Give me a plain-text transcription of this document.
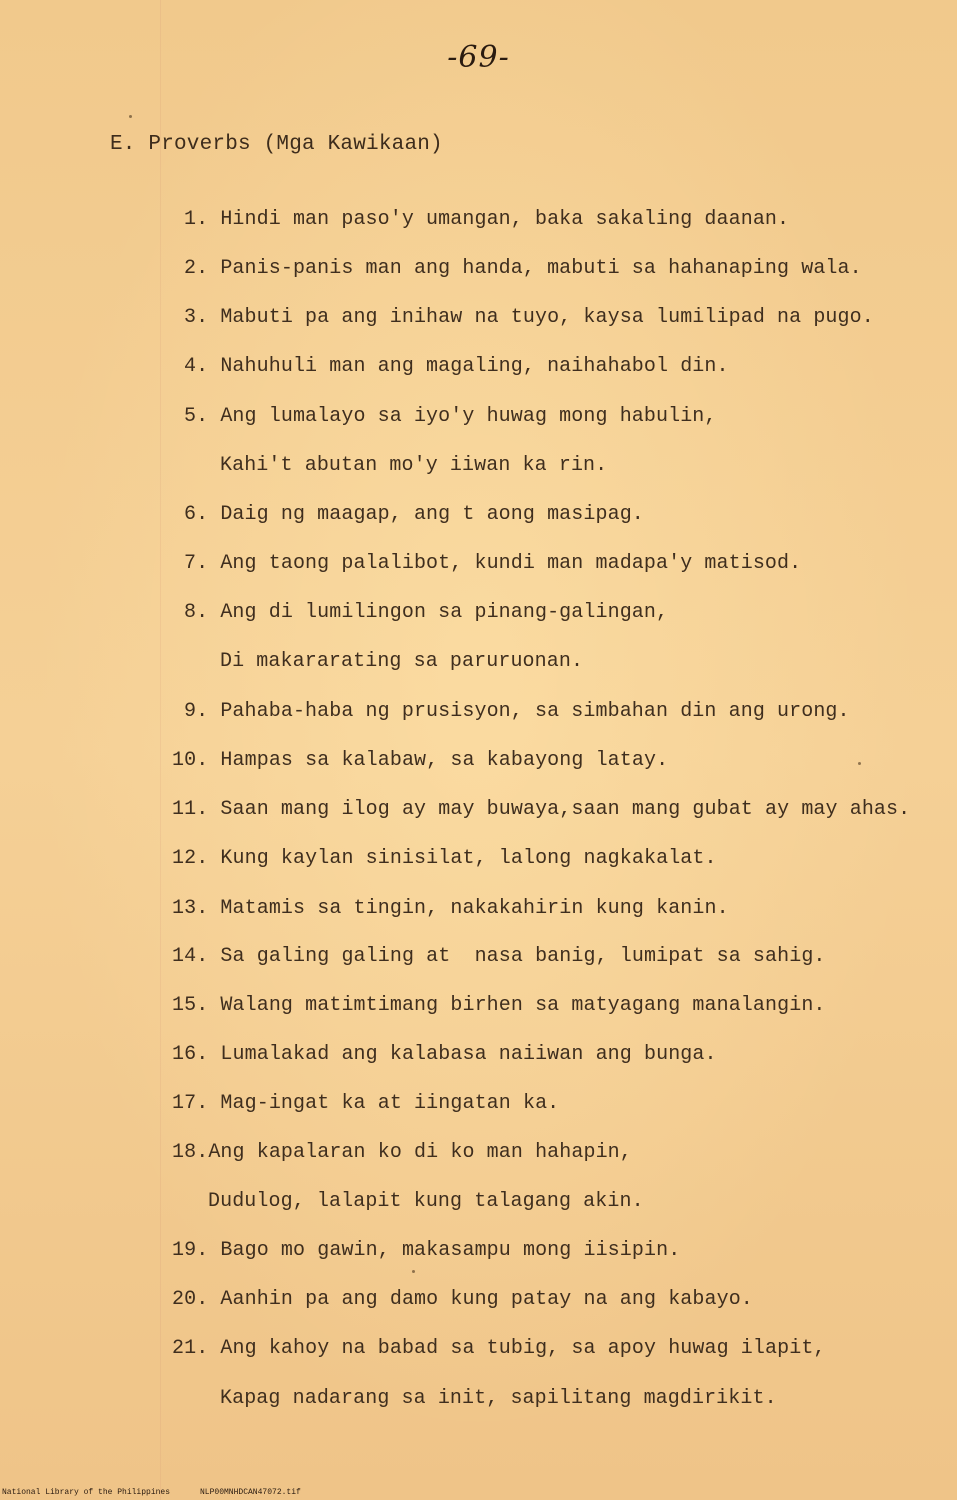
-69-
E. Proverbs (Mga Kawikaan)
1. Hindi man paso'y umangan, baka sakaling daanan.
2. Panis-panis man ang handa, mabuti sa hahanaping wala.
3. Mabuti pa ang inihaw na tuyo, kaysa lumilipad na pugo.
4. Nahuhuli man ang magaling, naihahabol din.
5. Ang lumalayo sa iyo'y huwag mong habulin,
Kahi't abutan mo'y iiwan ka rin.
6. Daig ng maagap, ang t aong masipag.
7. Ang taong palalibot, kundi man madapa'y matisod.
8. Ang di lumilingon sa pinang-galingan,
Di makararating sa paruruonan.
9. Pahaba-haba ng prusisyon, sa simbahan din ang urong.
10. Hampas sa kalabaw, sa kabayong latay.
11. Saan mang ilog ay may buwaya,saan mang gubat ay may ahas.
12. Kung kaylan sinisilat, lalong nagkakalat.
13. Matamis sa tingin, nakakahirin kung kanin.
14. Sa galing galing at  nasa banig, lumipat sa sahig.
15. Walang matimtimang birhen sa matyagang manalangin.
16. Lumalakad ang kalabasa naiiwan ang bunga.
17. Mag-ingat ka at iingatan ka.
18.Ang kapalaran ko di ko man hahapin,
Dudulog, lalapit kung talagang akin.
19. Bago mo gawin, makasampu mong iisipin.
20. Aanhin pa ang damo kung patay na ang kabayo.
21. Ang kahoy na babad sa tubig, sa apoy huwag ilapit,
Kapag nadarang sa init, sapilitang magdirikit.
National Library of the Philippines	NLP00MNHDCAN47072.tif
